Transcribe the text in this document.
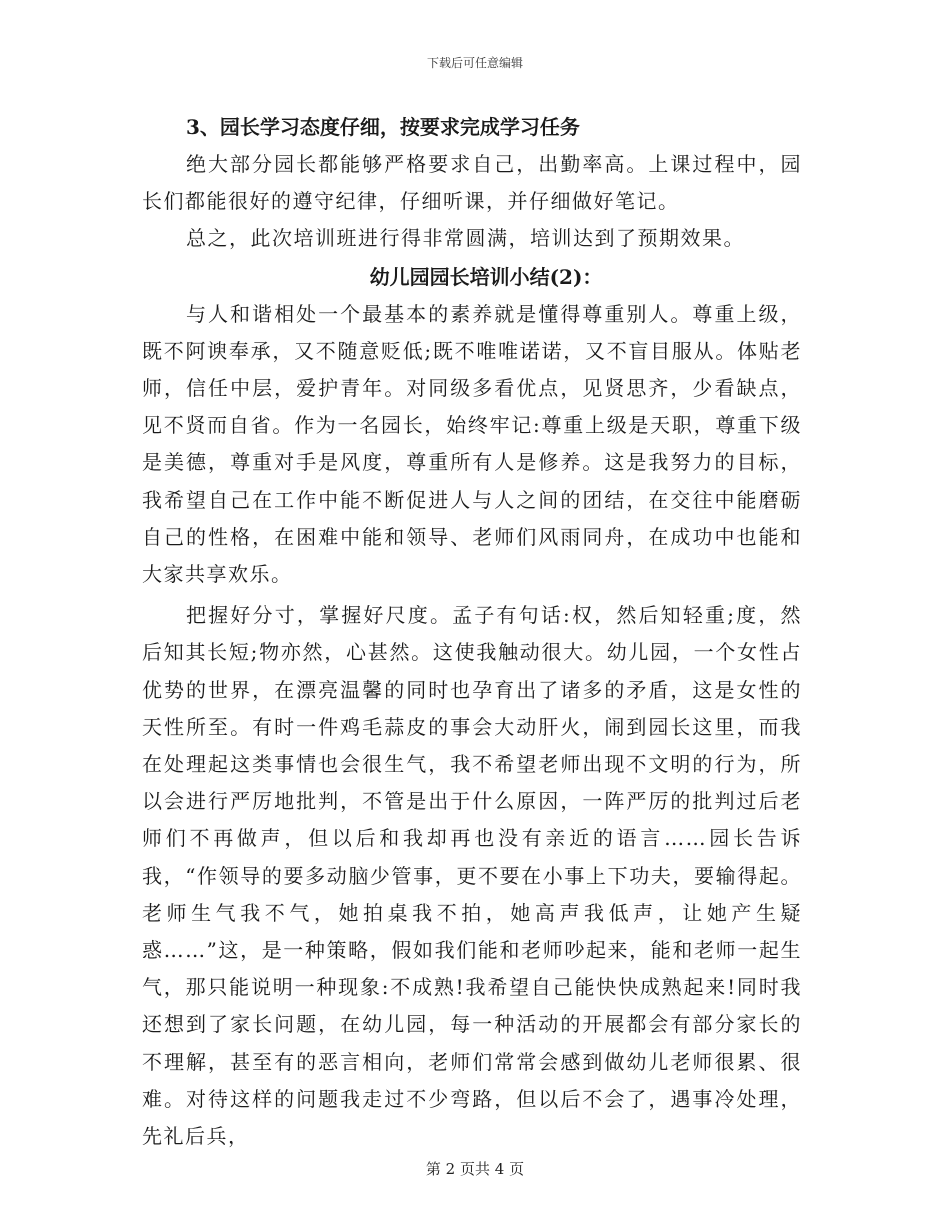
下载后可任意编辑

3、园长学习态度仔细，按要求完成学习任务

绝大部分园长都能够严格要求自己，出勤率高。上课过程中，园长们都能很好的遵守纪律，仔细听课，并仔细做好笔记。

总之，此次培训班进行得非常圆满，培训达到了预期效果。

幼儿园园长培训小结(2)：

与人和谐相处一个最基本的素养就是懂得尊重别人。尊重上级，既不阿谀奉承，又不随意贬低;既不唯唯诺诺，又不盲目服从。体贴老师，信任中层，爱护青年。对同级多看优点，见贤思齐，少看缺点，见不贤而自省。作为一名园长，始终牢记:尊重上级是天职，尊重下级是美德，尊重对手是风度，尊重所有人是修养。这是我努力的目标，我希望自己在工作中能不断促进人与人之间的团结，在交往中能磨砺自己的性格，在困难中能和领导、老师们风雨同舟，在成功中也能和大家共享欢乐。

把握好分寸，掌握好尺度。孟子有句话:权，然后知轻重;度，然后知其长短;物亦然，心甚然。这使我触动很大。幼儿园，一个女性占优势的世界，在漂亮温馨的同时也孕育出了诸多的矛盾，这是女性的天性所至。有时一件鸡毛蒜皮的事会大动肝火，闹到园长这里，而我在处理起这类事情也会很生气，我不希望老师出现不文明的行为，所以会进行严厉地批判，不管是出于什么原因，一阵严厉的批判过后老师们不再做声，但以后和我却再也没有亲近的语言……园长告诉我，“作领导的要多动脑少管事，更不要在小事上下功夫，要输得起。老师生气我不气，她拍桌我不拍，她高声我低声，让她产生疑惑……”这，是一种策略，假如我们能和老师吵起来，能和老师一起生气，那只能说明一种现象:不成熟!我希望自己能快快成熟起来!同时我还想到了家长问题，在幼儿园，每一种活动的开展都会有部分家长的不理解，甚至有的恶言相向，老师们常常会感到做幼儿老师很累、很难。对待这样的问题我走过不少弯路，但以后不会了，遇事冷处理，先礼后兵，

第 2 页共 4 页
